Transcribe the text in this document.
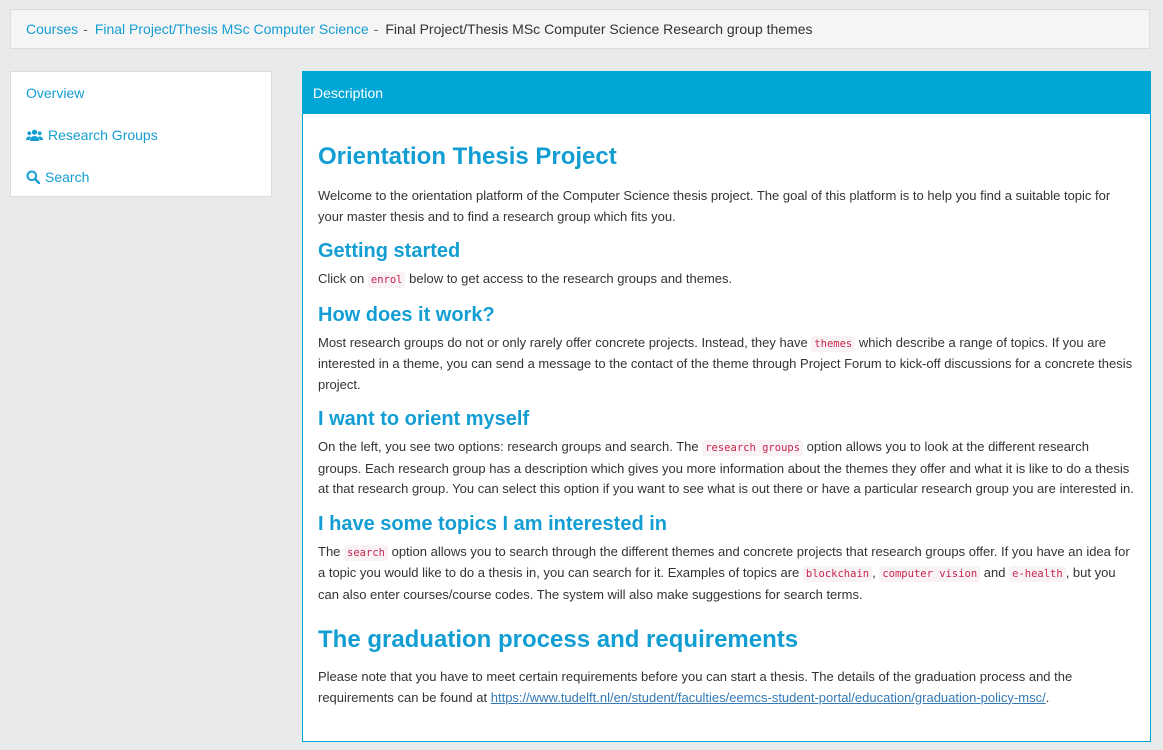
Courses - Final Project/Thesis MSc Computer Science - Final Project/Thesis MSc Computer Science Research group themes
Overview
Research Groups
Search
Description
Orientation Thesis Project

Welcome to the orientation platform of the Computer Science thesis project. The goal of this platform is to help you find a suitable topic for your master thesis and to find a research group which fits you.

Getting started

Click on enrol below to get access to the research groups and themes.

How does it work?

Most research groups do not or only rarely offer concrete projects. Instead, they have themes which describe a range of topics. If you are interested in a theme, you can send a message to the contact of the theme through Project Forum to kick-off discussions for a concrete thesis project.

I want to orient myself

On the left, you see two options: research groups and search. The research groups option allows you to look at the different research groups. Each research group has a description which gives you more information about the themes they offer and what it is like to do a thesis at that research group. You can select this option if you want to see what is out there or have a particular research group you are interested in.

I have some topics I am interested in

The search option allows you to search through the different themes and concrete projects that research groups offer. If you have an idea for a topic you would like to do a thesis in, you can search for it. Examples of topics are blockchain , computer vision and e-health , but you can also enter courses/course codes. The system will also make suggestions for search terms.

The graduation process and requirements

Please note that you have to meet certain requirements before you can start a thesis. The details of the graduation process and the requirements can be found at https://www.tudelft.nl/en/student/faculties/eemcs-student-portal/education/graduation-policy-msc/.
